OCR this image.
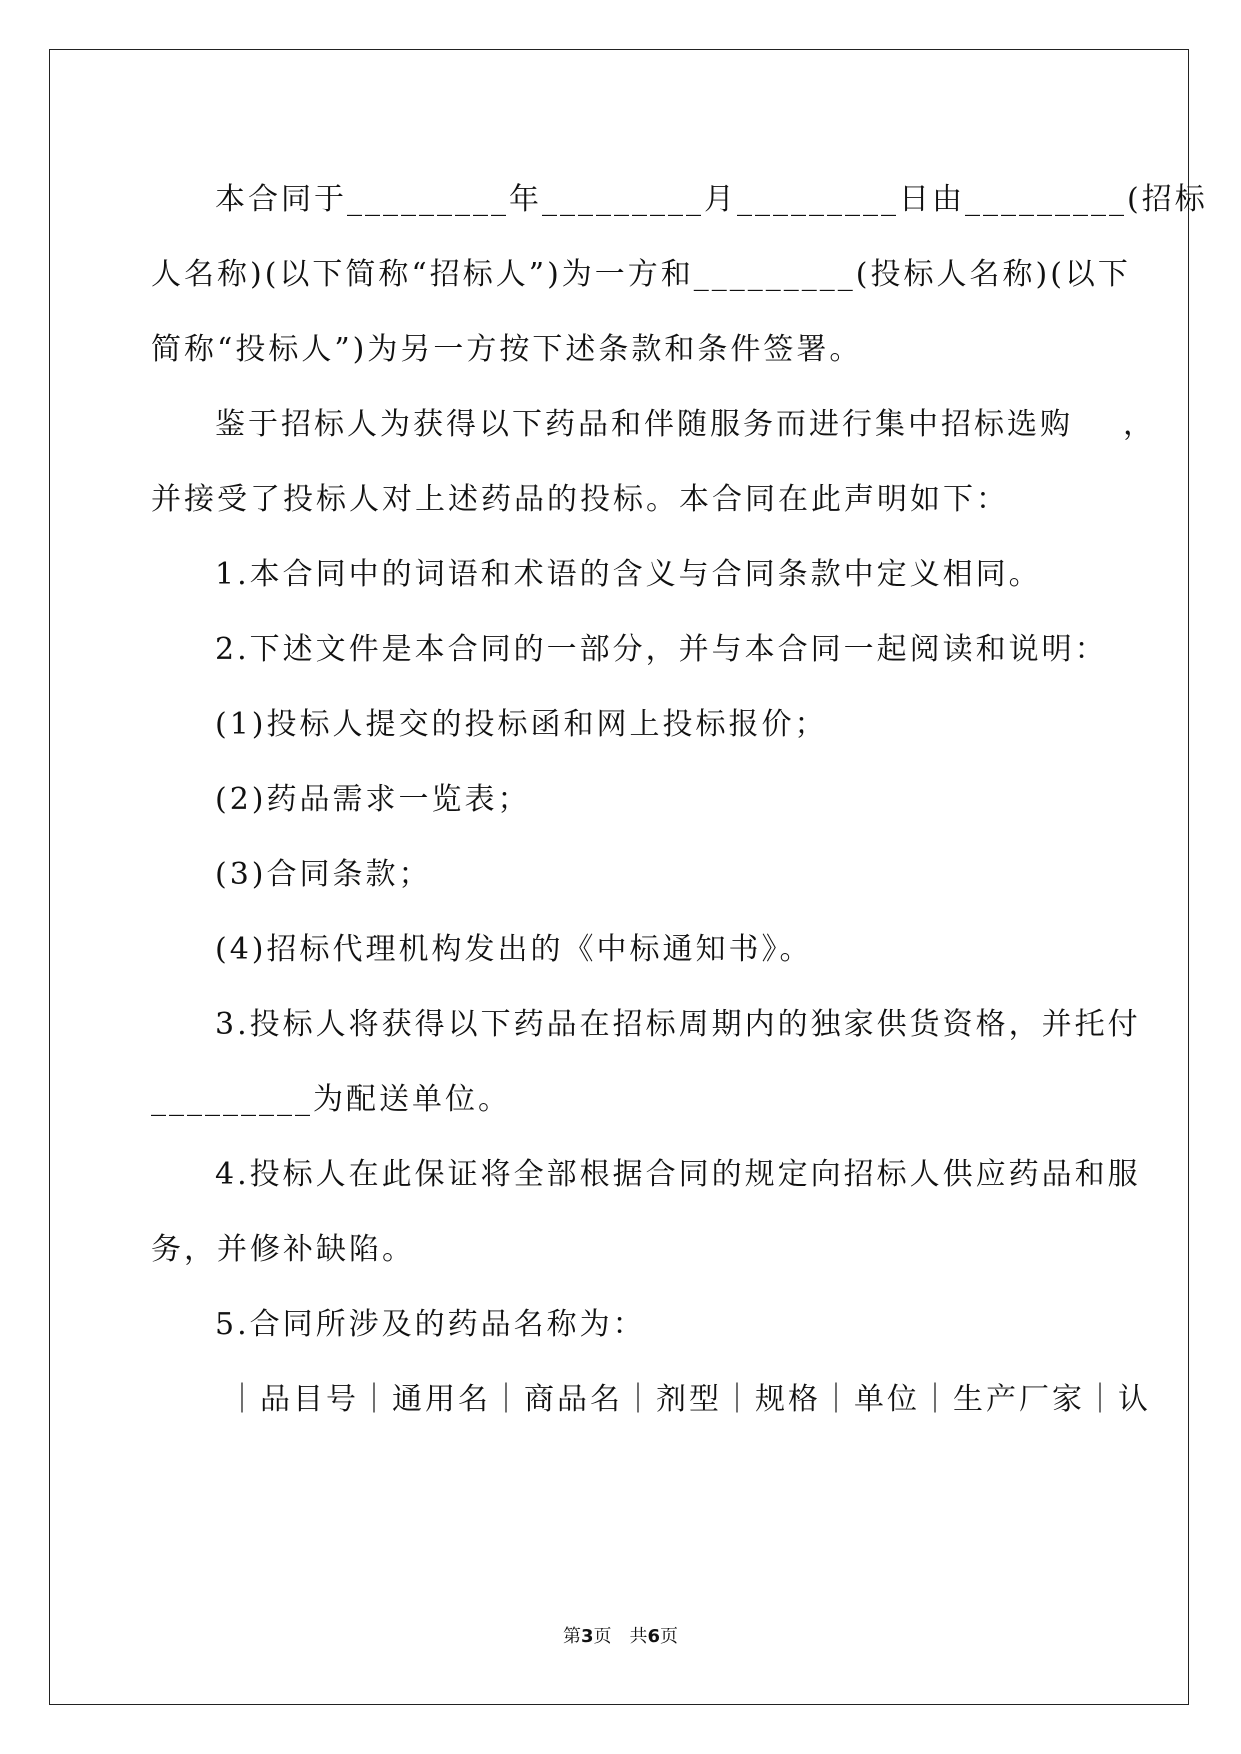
本合同于_________年_________月_________日由_________(招标

人名称)(以下简称“招标人”)为一方和_________(投标人名称)(以下

简称“投标人”)为另一方按下述条款和条件签署。

鉴于招标人为获得以下药品和伴随服务而进行集中招标选购 ，

并接受了投标人对上述药品的投标。本合同在此声明如下：

1.本合同中的词语和术语的含义与合同条款中定义相同。

2.下述文件是本合同的一部分，并与本合同一起阅读和说明：

(1)投标人提交的投标函和网上投标报价；

(2)药品需求一览表；

(3)合同条款；

(4)招标代理机构发出的《中标通知书》。

3.投标人将获得以下药品在招标周期内的独家供货资格，并托付

_________为配送单位。

4.投标人在此保证将全部根据合同的规定向招标人供应药品和服

务，并修补缺陷。

5.合同所涉及的药品名称为：

｜品目号｜通用名｜商品名｜剂型｜规格｜单位｜生产厂家｜认

第3页　共6页
